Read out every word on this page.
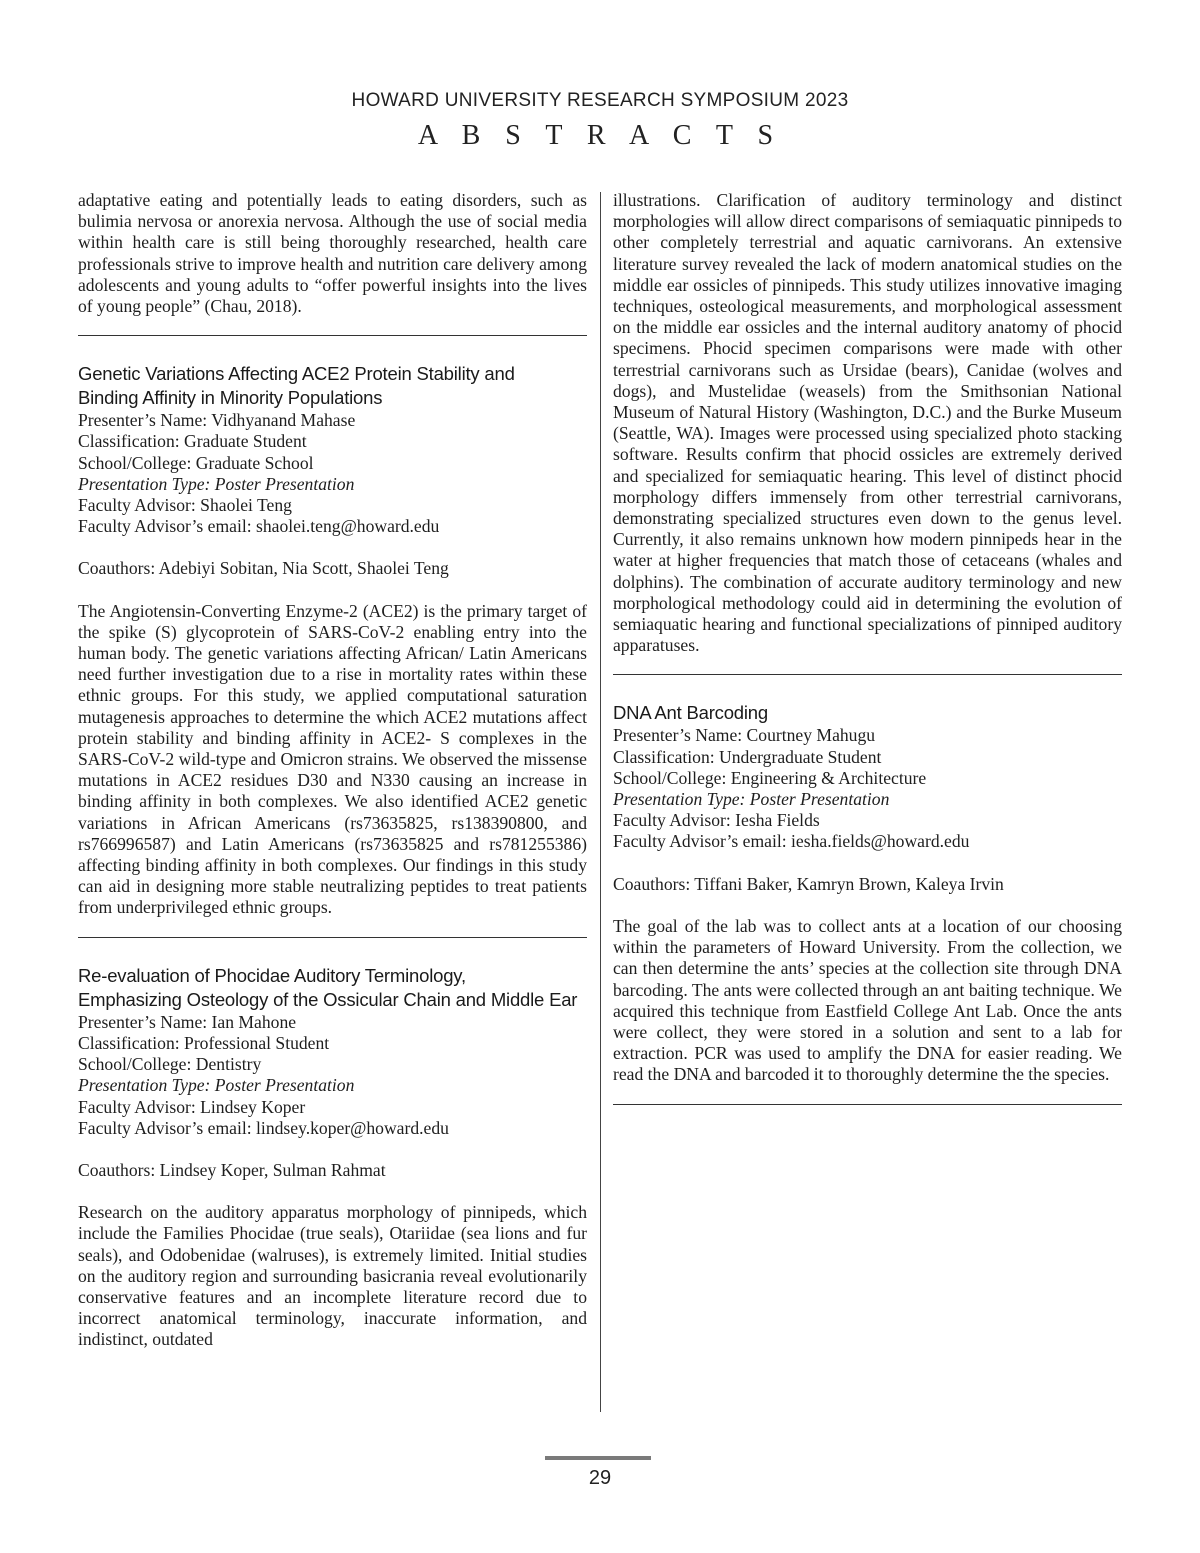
HOWARD UNIVERSITY RESEARCH SYMPOSIUM 2023
A B S T R A C T S

adaptative eating and potentially leads to eating disorders, such as bulimia nervosa or anorexia nervosa. Although the use of social media within health care is still being thoroughly researched, health care professionals strive to improve health and nutrition care delivery among adolescents and young adults to “offer powerful insights into the lives of young people” (Chau, 2018).

Genetic Variations Affecting ACE2 Protein Stability and
Binding Affinity in Minority Populations
Presenter’s Name: Vidhyanand Mahase
Classification: Graduate Student
School/College: Graduate School
Presentation Type: Poster Presentation
Faculty Advisor: Shaolei Teng
Faculty Advisor’s email: shaolei.teng@howard.edu
Coauthors: Adebiyi Sobitan, Nia Scott, Shaolei Teng

The Angiotensin-Converting Enzyme-2 (ACE2) is the primary target of the spike (S) glycoprotein of SARS-CoV-2 enabling entry into the human body. The genetic variations affecting African/ Latin Americans need further investigation due to a rise in mortality rates within these ethnic groups. For this study, we applied computational saturation mutagenesis approaches to determine the which ACE2 mutations affect protein stability and binding affinity in ACE2- S complexes in the SARS-CoV-2 wild-type and Omicron strains. We observed the missense mutations in ACE2 residues D30 and N330 causing an increase in binding affinity in both complexes. We also identified ACE2 genetic variations in African Americans (rs73635825, rs138390800, and rs766996587) and Latin Americans (rs73635825 and rs781255386) affecting binding affinity in both complexes. Our findings in this study can aid in designing more stable neutralizing peptides to treat patients from underprivileged ethnic groups.

Re-evaluation of Phocidae Auditory Terminology,
Emphasizing Osteology of the Ossicular Chain and Middle Ear
Presenter’s Name: Ian Mahone
Classification: Professional Student
School/College: Dentistry
Presentation Type: Poster Presentation
Faculty Advisor: Lindsey Koper
Faculty Advisor’s email: lindsey.koper@howard.edu
Coauthors: Lindsey Koper, Sulman Rahmat

Research on the auditory apparatus morphology of pinnipeds, which include the Families Phocidae (true seals), Otariidae (sea lions and fur seals), and Odobenidae (walruses), is extremely limited. Initial studies on the auditory region and surrounding basicrania reveal evolutionarily conservative features and an incomplete literature record due to incorrect anatomical terminology, inaccurate information, and indistinct, outdated

illustrations. Clarification of auditory terminology and distinct morphologies will allow direct comparisons of semiaquatic pinnipeds to other completely terrestrial and aquatic carnivorans. An extensive literature survey revealed the lack of modern anatomical studies on the middle ear ossicles of pinnipeds. This study utilizes innovative imaging techniques, osteological measurements, and morphological assessment on the middle ear ossicles and the internal auditory anatomy of phocid specimens. Phocid specimen comparisons were made with other terrestrial carnivorans such as Ursidae (bears), Canidae (wolves and dogs), and Mustelidae (weasels) from the Smithsonian National Museum of Natural History (Washington, D.C.) and the Burke Museum (Seattle, WA). Images were processed using specialized photo stacking software. Results confirm that phocid ossicles are extremely derived and specialized for semiaquatic hearing. This level of distinct phocid morphology differs immensely from other terrestrial carnivorans, demonstrating specialized structures even down to the genus level. Currently, it also remains unknown how modern pinnipeds hear in the water at higher frequencies that match those of cetaceans (whales and dolphins). The combination of accurate auditory terminology and new morphological methodology could aid in determining the evolution of semiaquatic hearing and functional specializations of pinniped auditory apparatuses.

DNA Ant Barcoding
Presenter’s Name: Courtney Mahugu
Classification: Undergraduate Student
School/College: Engineering & Architecture
Presentation Type: Poster Presentation
Faculty Advisor: Iesha Fields
Faculty Advisor’s email: iesha.fields@howard.edu
Coauthors: Tiffani Baker, Kamryn Brown, Kaleya Irvin

The goal of the lab was to collect ants at a location of our choosing within the parameters of Howard University. From the collection, we can then determine the ants’ species at the collection site through DNA barcoding. The ants were collected through an ant baiting technique. We acquired this technique from Eastfield College Ant Lab. Once the ants were collect, they were stored in a solution and sent to a lab for extraction. PCR was used to amplify the DNA for easier reading. We read the DNA and barcoded it to thoroughly determine the the species.

29
